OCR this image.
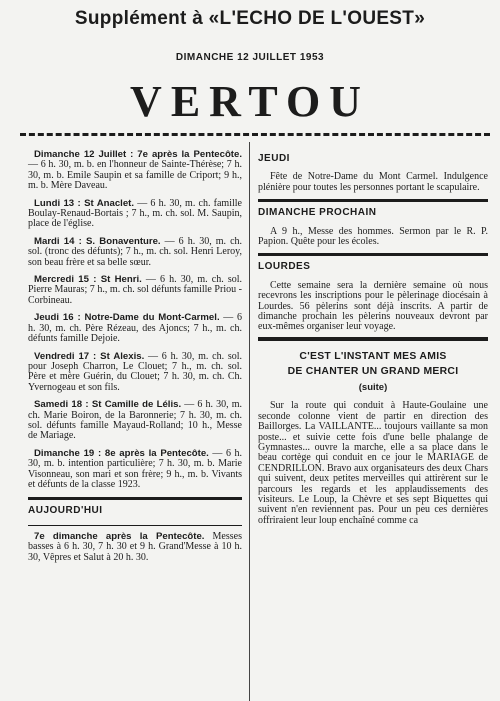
Supplément à «L'ECHO DE L'OUEST»
DIMANCHE 12 JUILLET 1953
VERTOU
Dimanche 12 Juillet : 7e après la Pentecôte. — 6 h. 30, m. b. en l'honneur de Sainte-Thérèse; 7 h. 30, m. b. Emile Saupin et sa famille de Criport; 9 h., m. b. Mère Daveau.
Lundi 13 : St Anaclet. — 6 h. 30, m. ch. famille Boulay-Renaud-Bortais ; 7 h., m. ch. sol. M. Saupin, place de l'église.
Mardi 14 : S. Bonaventure. — 6 h. 30, m. ch. sol. (tronc des défunts); 7 h., m. ch. sol. Henri Leroy, son beau frère et sa belle sœur.
Mercredi 15 : St Henri. — 6 h. 30, m. ch. sol. Pierre Mauras; 7 h., m. ch. sol défunts famille Priou - Corbineau.
Jeudi 16 : Notre-Dame du Mont-Carmel. — 6 h. 30, m. ch. Père Rézeau, des Ajoncs; 7 h., m. ch. défunts famille Dejoie.
Vendredi 17 : St Alexis. — 6 h. 30, m. ch. sol. pour Joseph Charron, Le Clouet; 7 h., m. ch. sol. Père et mère Guérin, du Clouet; 7 h. 30, m. ch. Ch. Yvernogeau et son fils.
Samedi 18 : St Camille de Lélis. — 6 h. 30, m. ch. Marie Boiron, de la Baronnerie; 7 h. 30, m. ch. sol. défunts famille Mayaud-Rolland; 10 h., Messe de Mariage.
Dimanche 19 : 8e après la Pentecôte. — 6 h. 30, m. b. intention particulière; 7 h. 30, m. b. Marie Visonneau, son mari et son frère; 9 h., m. b. Vivants et défunts de la classe 1923.
AUJOURD'HUI
7e dimanche après la Pentecôte. Messes basses à 6 h. 30, 7 h. 30 et 9 h. Grand'Messe à 10 h. 30, Vêpres et Salut à 20 h. 30.
JEUDI
Fête de Notre-Dame du Mont Carmel. Indulgence plénière pour toutes les personnes portant le scapulaire.
DIMANCHE PROCHAIN
A 9 h., Messe des hommes. Sermon par le R. P. Papion. Quête pour les écoles.
LOURDES
Cette semaine sera la dernière semaine où nous recevrons les inscriptions pour le pèlerinage diocésain à Lourdes. 56 pèlerins sont déjà inscrits. A partir de dimanche prochain les pèlerins nouveaux devront par eux-mêmes organiser leur voyage.
C'EST L'INSTANT MES AMIS
DE CHANTER UN GRAND MERCI
(suite)
Sur la route qui conduit à Haute-Goulaine une seconde colonne vient de partir en direction des Baillorges. La VAILLANTE... toujours vaillante sa mon poste... et suivie cette fois d'une belle phalange de Gymnastes... ouvre la marche, elle a sa place dans le beau cortège qui conduit en ce jour le MARIAGE de CENDRILLON. Bravo aux organisateurs des deux Chars qui suivent, deux petites merveilles qui attirèrent sur le parcours les regards et les applaudissements des visiteurs. Le Loup, la Chèvre et ses sept Biquettes qui suivent n'en reviennent pas. Pour un peu ces dernières offriraient leur loup enchaîné comme ca
